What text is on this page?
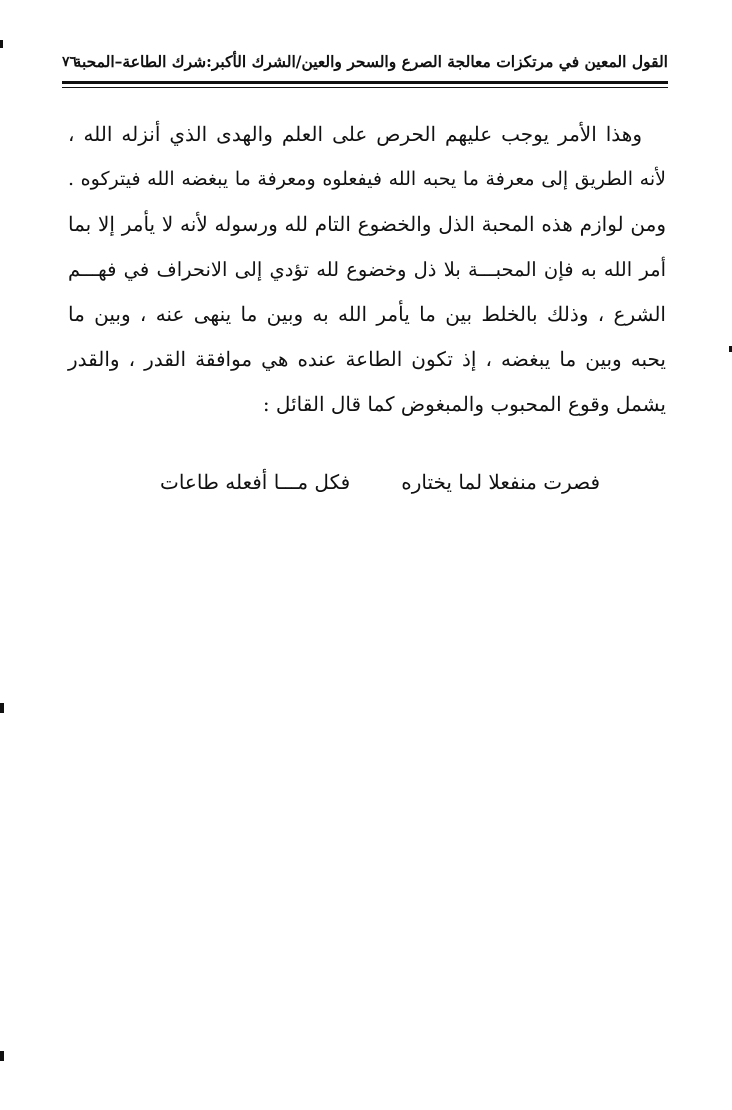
القول المعين في مرتكزات معالجة الصرع والسحر والعين/الشرك الأكبر:شرك الطاعة–المحبة
٧٦
وهذا الأمر يوجب عليهم الحرص على العلم والهدى الذي أنزله الله ،
لأنه الطريق إلى معرفة ما يحبه الله فيفعلوه ومعرفة ما يبغضه الله فيتركوه .
ومن لوازم هذه المحبة الذل والخضوع التام لله ورسوله لأنه لا يأمر إلا بما
أمر الله به فإن المحبـــة بلا ذل وخضوع لله تؤدي إلى الانحراف في فهـــم
الشرع ، وذلك بالخلط بين ما يأمر الله به وبين ما ينهى عنه ، وبين ما
يحبه وبين ما يبغضه ، إذ تكون الطاعة عنده هي موافقة القدر ، والقدر
يشمل وقوع المحبوب والمبغوض كما قال القائل :
فصرت منفعلا لما يختاره
فكل مـــا أفعله طاعات
